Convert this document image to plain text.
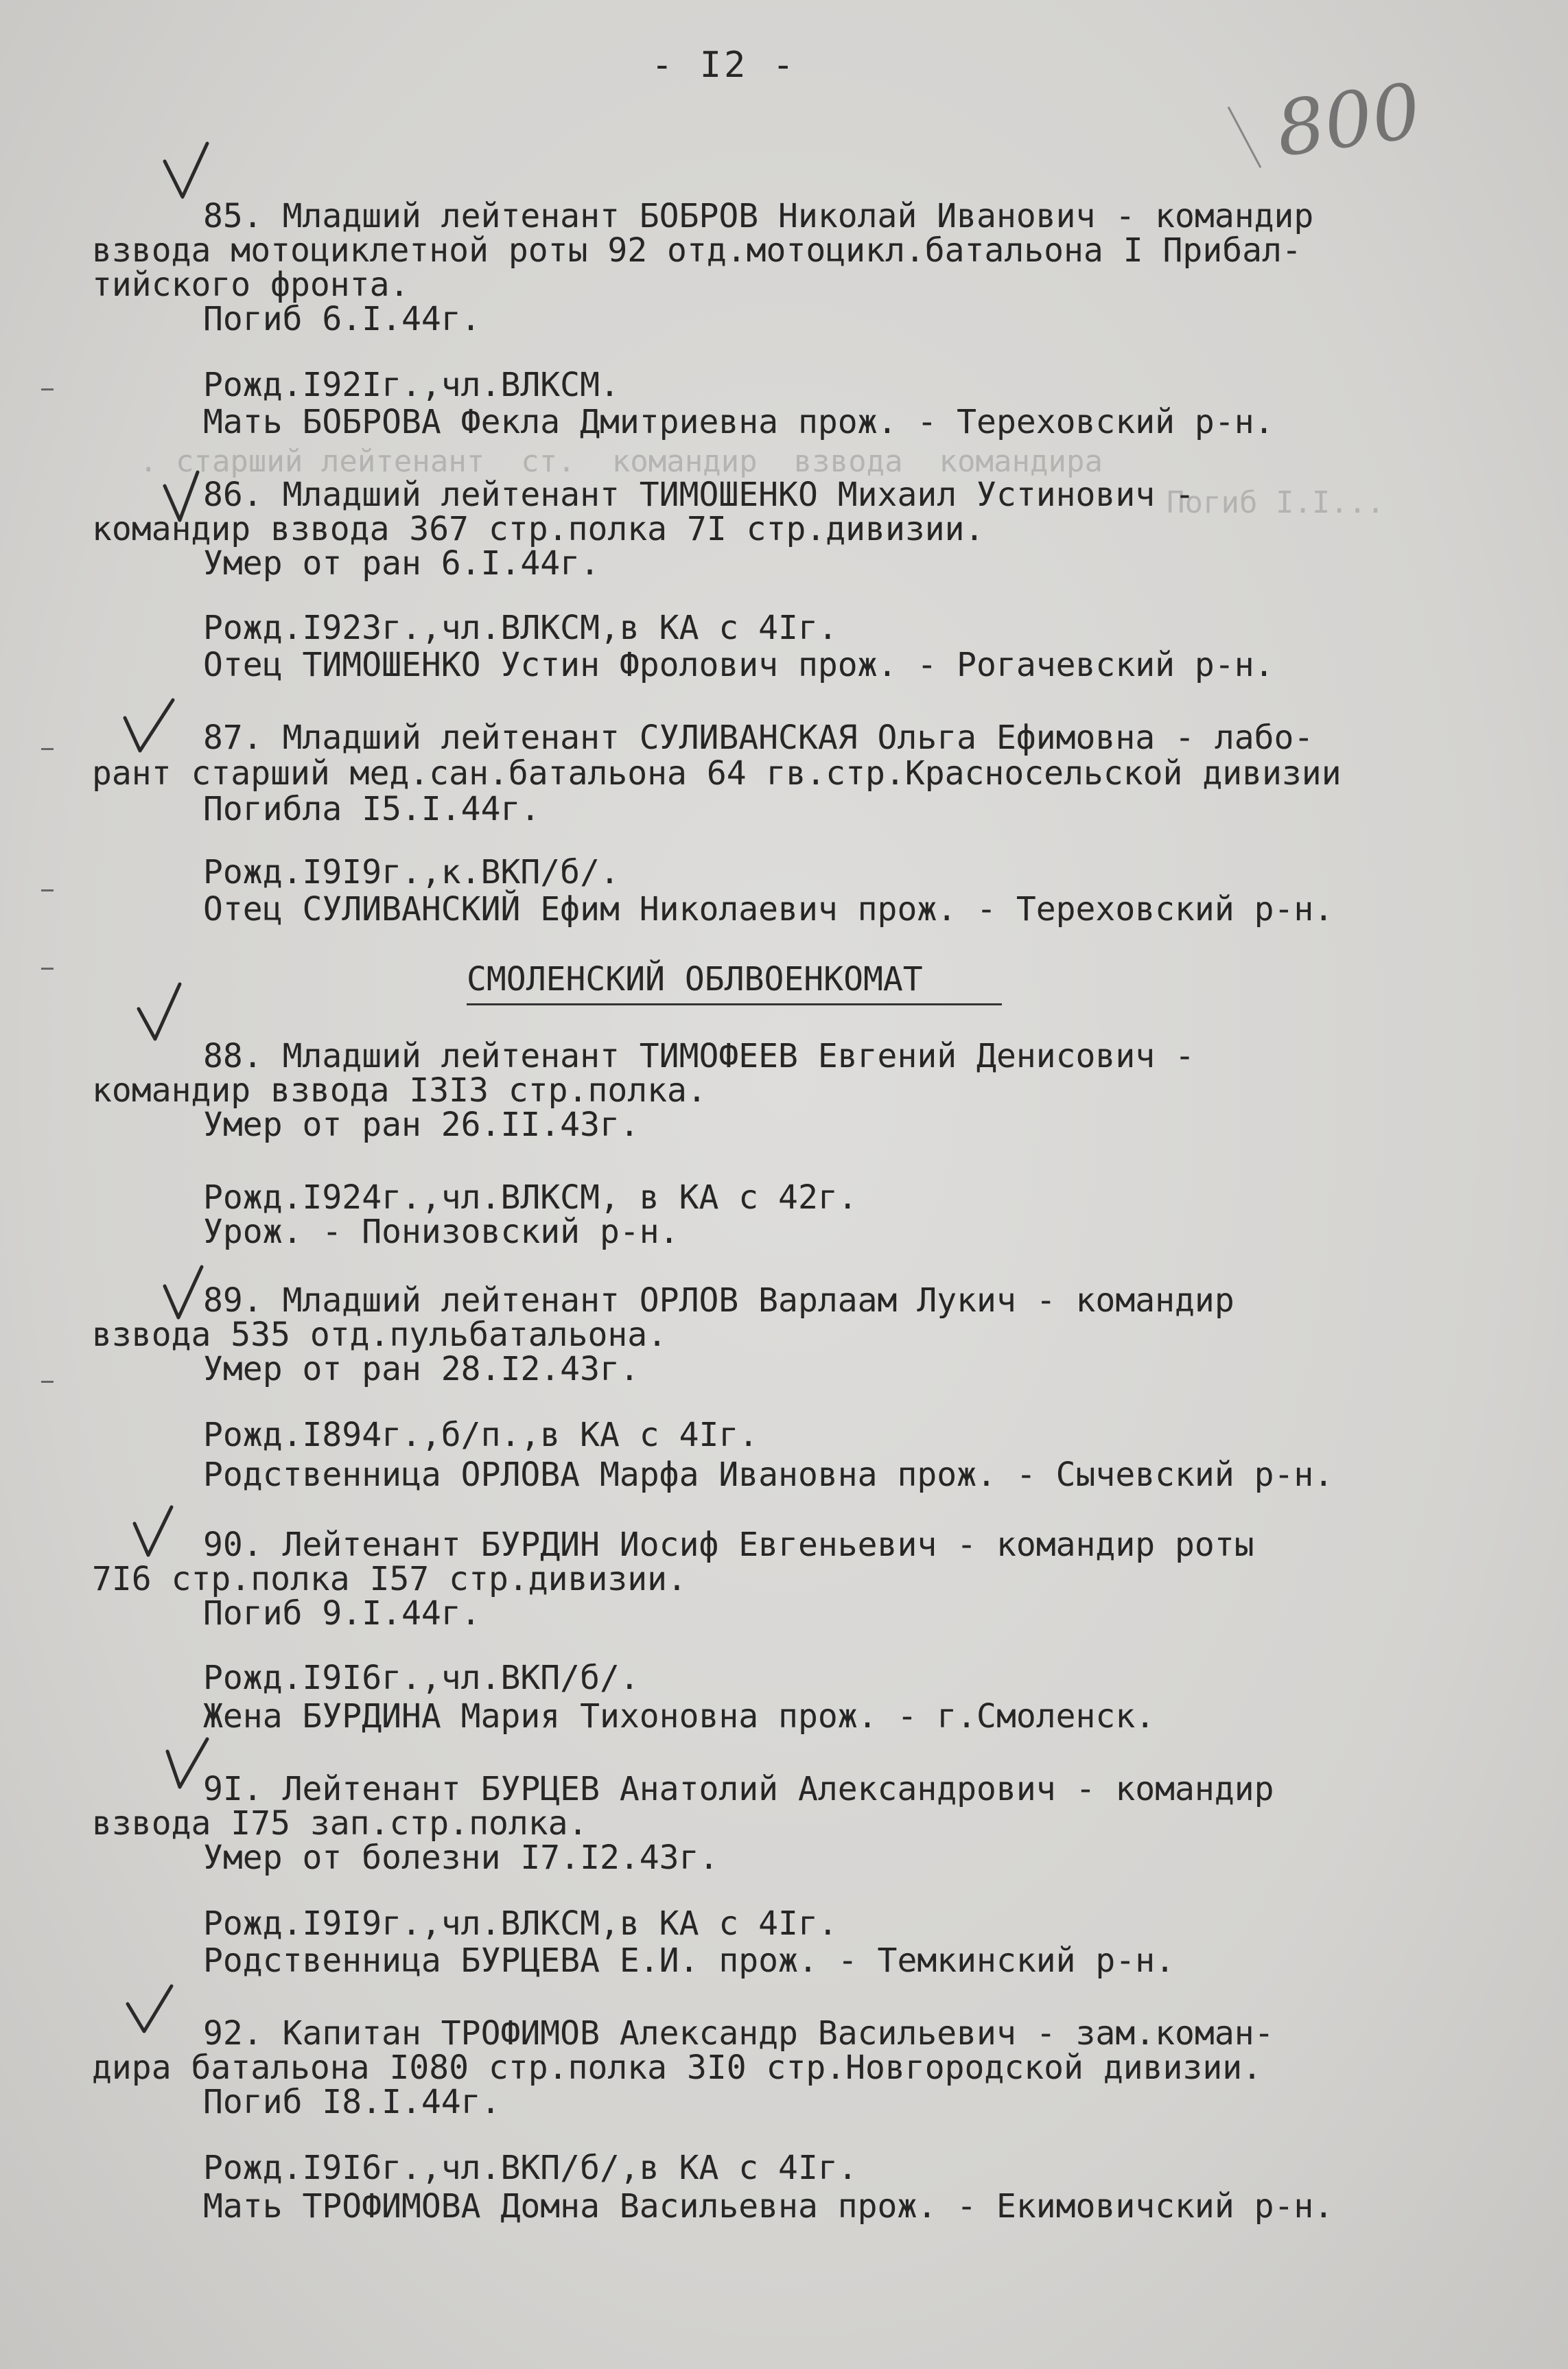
- I2 -
800
. старший лейтенант  ст.  командир  взвода  командира
Погиб I.I...
85. Младший лейтенант БОБРОВ Николай Иванович - командир
взвода мотоциклетной роты 92 отд.мотоцикл.батальона I Прибал-
тийского фронта.
Погиб 6.I.44г.
Рожд.I92Iг.,чл.ВЛКСМ.
Мать БОБРОВА Фекла Дмитриевна прож. - Тереховский р-н.
86. Младший лейтенант ТИМОШЕНКО Михаил Устинович -
командир взвода 367 стр.полка 7I стр.дивизии.
Умер от ран 6.I.44г.
Рожд.I923г.,чл.ВЛКСМ,в КА с 4Iг.
Отец ТИМОШЕНКО Устин Фролович прож. - Рогачевский р-н.
87. Младший лейтенант СУЛИВАНСКАЯ Ольга Ефимовна - лабо-
рант старший мед.сан.батальона 64 гв.стр.Красносельской дивизии
Погибла I5.I.44г.
Рожд.I9I9г.,к.ВКП/б/.
Отец СУЛИВАНСКИЙ Ефим Николаевич прож. - Тереховский р-н.
СМОЛЕНСКИЙ ОБЛВОЕНКОМАТ
88. Младший лейтенант ТИМОФЕЕВ Евгений Денисович -
командир взвода I3I3 стр.полка.
Умер от ран 26.II.43г.
Рожд.I924г.,чл.ВЛКСМ, в КА с 42г.
Урож. - Понизовский р-н.
89. Младший лейтенант ОРЛОВ Варлаам Лукич - командир
взвода 535 отд.пульбатальона.
Умер от ран 28.I2.43г.
Рожд.I894г.,б/п.,в КА с 4Iг.
Родственница ОРЛОВА Марфа Ивановна прож. - Сычевский р-н.
90. Лейтенант БУРДИН Иосиф Евгеньевич - командир роты
7I6 стр.полка I57 стр.дивизии.
Погиб 9.I.44г.
Рожд.I9I6г.,чл.ВКП/б/.
Жена БУРДИНА Мария Тихоновна прож. - г.Смоленск.
9I. Лейтенант БУРЦЕВ Анатолий Александрович - командир
взвода I75 зап.стр.полка.
Умер от болезни I7.I2.43г.
Рожд.I9I9г.,чл.ВЛКСМ,в КА с 4Iг.
Родственница БУРЦЕВА Е.И. прож. - Темкинский р-н.
92. Капитан ТРОФИМОВ Александр Васильевич - зам.коман-
дира батальона I080 стр.полка 3I0 стр.Новгородской дивизии.
Погиб I8.I.44г.
Рожд.I9I6г.,чл.ВКП/б/,в КА с 4Iг.
Мать ТРОФИМОВА Домна Васильевна прож. - Екимовичский р-н.
